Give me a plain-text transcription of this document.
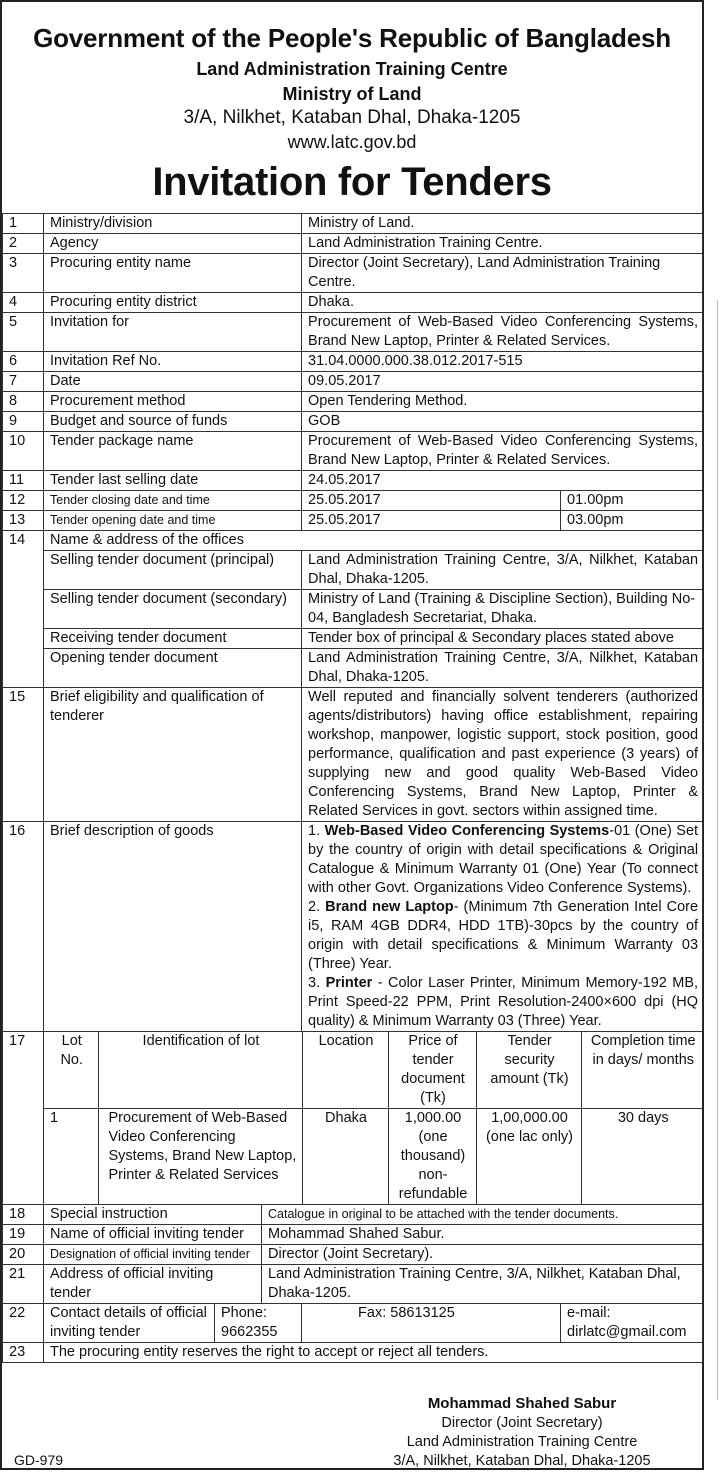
Government of the People's Republic of Bangladesh
Land Administration Training Centre
Ministry of Land
3/A, Nilkhet, Kataban Dhal, Dhaka-1205
www.latc.gov.bd
Invitation for Tenders
1	Ministry/division	Ministry of Land.
2	Agency	Land Administration Training Centre.
3	Procuring entity name	Director (Joint Secretary), Land Administration Training Centre.
4	Procuring entity district	Dhaka.
5	Invitation for	Procurement of Web-Based Video Conferencing Systems, Brand New Laptop, Printer & Related Services.
6	Invitation Ref No.	31.04.0000.000.38.012.2017-515
7	Date	09.05.2017
8	Procurement method	Open Tendering Method.
9	Budget and source of funds	GOB
10	Tender package name	Procurement of Web-Based Video Conferencing Systems, Brand New Laptop, Printer & Related Services.
11	Tender last selling date	24.05.2017
12	Tender closing date and time	25.05.2017	01.00pm
13	Tender opening date and time	25.05.2017	03.00pm
14	Name & address of the offices
Selling tender document (principal)	Land Administration Training Centre, 3/A, Nilkhet, Kataban Dhal, Dhaka-1205.
Selling tender document (secondary)	Ministry of Land (Training & Discipline Section), Building No-04, Bangladesh Secretariat, Dhaka.
Receiving tender document	Tender box of principal & Secondary places stated above
Opening tender document	Land Administration Training Centre, 3/A, Nilkhet, Kataban Dhal, Dhaka-1205.
15	Brief eligibility and qualification of tenderer	Well reputed and financially solvent tenderers (authorized agents/distributors) having office establishment, repairing workshop, manpower, logistic support, stock position, good performance, qualification and past experience (3 years) of supplying new and good quality Web-Based Video Conferencing Systems, Brand New Laptop, Printer & Related Services in govt. sectors within assigned time.
16	Brief description of goods	1. Web-Based Video Conferencing Systems-01 (One) Set by the country of origin with detail specifications & Original Catalogue & Minimum Warranty 01 (One) Year (To connect with other Govt. Organizations Video Conference Systems).
2. Brand new Laptop- (Minimum 7th Generation Intel Core i5, RAM 4GB DDR4, HDD 1TB)-30pcs by the country of origin with detail specifications & Minimum Warranty 03 (Three) Year.
3. Printer - Color Laser Printer, Minimum Memory-192 MB, Print Speed-22 PPM, Print Resolution-2400×600 dpi (HQ quality) & Minimum Warranty 03 (Three) Year.

17		Lot No.	Identification of lot	Location	Price of tender document (Tk)	Tender security amount (Tk)	Completion time in days/ months
1	Procurement of Web-Based Video Conferencing Systems, Brand New Laptop, Printer & Related Services	Dhaka	1,000.00 (one thousand) non-refundable	1,00,000.00 (one lac only)	30 days

18	Special instruction	Catalogue in original to be attached with the tender documents.
19	Name of official inviting tender	Mohammad Shahed Sabur.
20	Designation of official inviting tender	Director (Joint Secretary).
21	Address of official inviting tender	Land Administration Training Centre, 3/A, Nilkhet, Kataban Dhal, Dhaka-1205.
22	Contact details of official inviting tender	Phone: 9662355	Fax: 58613125	e-mail: dirlatc@gmail.com
23	The procuring entity reserves the right to accept or reject all tenders.
Mohammad Shahed Sabur
Director (Joint Secretary)
Land Administration Training Centre
3/A, Nilkhet, Kataban Dhal, Dhaka-1205
GD-979
